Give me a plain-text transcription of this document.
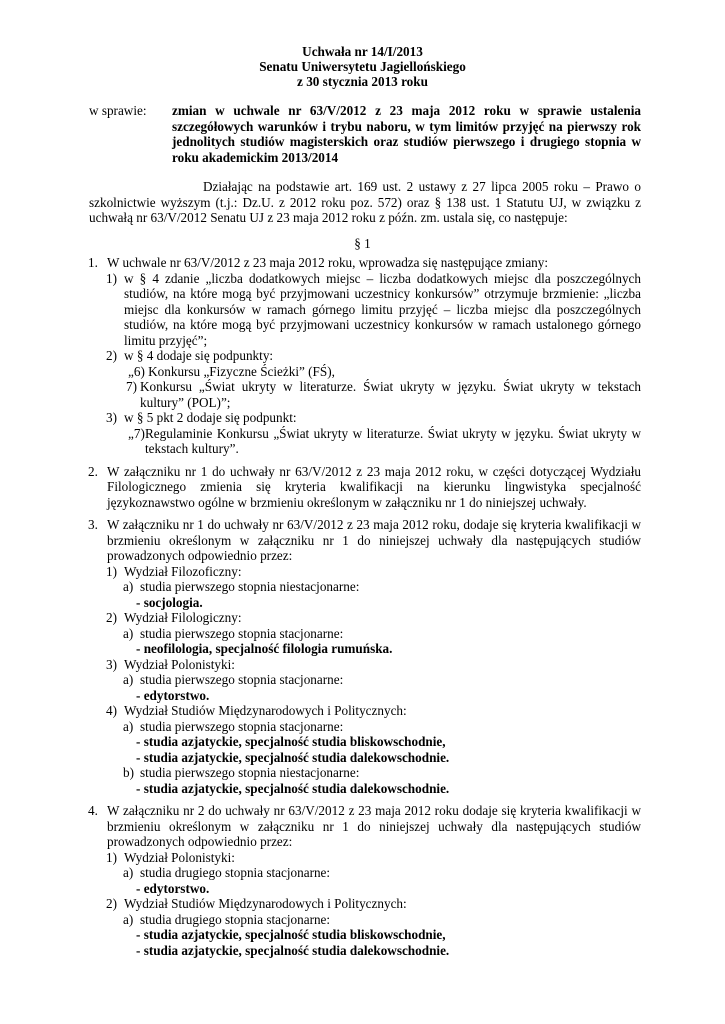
Uchwała nr 14/I/2013
Senatu Uniwersytetu Jagiellońskiego
z 30 stycznia 2013 roku
w sprawie: zmian w uchwale nr 63/V/2012 z 23 maja 2012 roku w sprawie ustalenia szczegółowych warunków i trybu naboru, w tym limitów przyjęć na pierwszy rok jednolitych studiów magisterskich oraz studiów pierwszego i drugiego stopnia w roku akademickim 2013/2014
Działając na podstawie art. 169 ust. 2 ustawy z 27 lipca 2005 roku – Prawo o szkolnictwie wyższym (t.j.: Dz.U. z 2012 roku poz. 572) oraz § 138 ust. 1 Statutu UJ, w związku z uchwałą nr 63/V/2012 Senatu UJ z 23 maja 2012 roku z późn. zm. ustala się, co następuje:
§ 1
1. W uchwale nr 63/V/2012 z 23 maja 2012 roku, wprowadza się następujące zmiany:
1) w § 4 zdanie „liczba dodatkowych miejsc – liczba dodatkowych miejsc dla poszczególnych studiów, na które mogą być przyjmowani uczestnicy konkursów” otrzymuje brzmienie: „liczba miejsc dla konkursów w ramach górnego limitu przyjęć – liczba miejsc dla poszczególnych studiów, na które mogą być przyjmowani uczestnicy konkursów w ramach ustalonego górnego limitu przyjęć”;
2) w § 4 dodaje się podpunkty:
„6) Konkursu „Fizyczne Ścieżki” (FŚ),
7) Konkursu „Świat ukryty w literaturze. Świat ukryty w języku. Świat ukryty w tekstach kultury” (POL)”;
3) w § 5 pkt 2 dodaje się podpunkt:
„7) Regulaminie Konkursu „Świat ukryty w literaturze. Świat ukryty w języku. Świat ukryty w tekstach kultury”.
2. W załączniku nr 1 do uchwały nr 63/V/2012 z 23 maja 2012 roku, w części dotyczącej Wydziału Filologicznego zmienia się kryteria kwalifikacji na kierunku lingwistyka specjalność językoznawstwo ogólne w brzmieniu określonym w załączniku nr 1 do niniejszej uchwały.
3. W załączniku nr 1 do uchwały nr 63/V/2012 z 23 maja 2012 roku, dodaje się kryteria kwalifikacji w brzmieniu określonym w załączniku nr 1 do niniejszej uchwały dla następujących studiów prowadzonych odpowiednio przez:
1) Wydział Filozoficzny:
a) studia pierwszego stopnia niestacjonarne:
- socjologia.
2) Wydział Filologiczny:
a) studia pierwszego stopnia stacjonarne:
- neofilologia, specjalność filologia rumuńska.
3) Wydział Polonistyki:
a) studia pierwszego stopnia stacjonarne:
- edytorstwo.
4) Wydział Studiów Międzynarodowych i Politycznych:
a) studia pierwszego stopnia stacjonarne:
- studia azjatyckie, specjalność studia bliskowschodnie,
- studia azjatyckie, specjalność studia dalekowschodnie.
b) studia pierwszego stopnia niestacjonarne:
- studia azjatyckie, specjalność studia dalekowschodnie.
4. W załączniku nr 2 do uchwały nr 63/V/2012 z 23 maja 2012 roku dodaje się kryteria kwalifikacji w brzmieniu określonym w załączniku nr 1 do niniejszej uchwały dla następujących studiów prowadzonych odpowiednio przez:
1) Wydział Polonistyki:
a) studia drugiego stopnia stacjonarne:
- edytorstwo.
2) Wydział Studiów Międzynarodowych i Politycznych:
a) studia drugiego stopnia stacjonarne:
- studia azjatyckie, specjalność studia bliskowschodnie,
- studia azjatyckie, specjalność studia dalekowschodnie.
